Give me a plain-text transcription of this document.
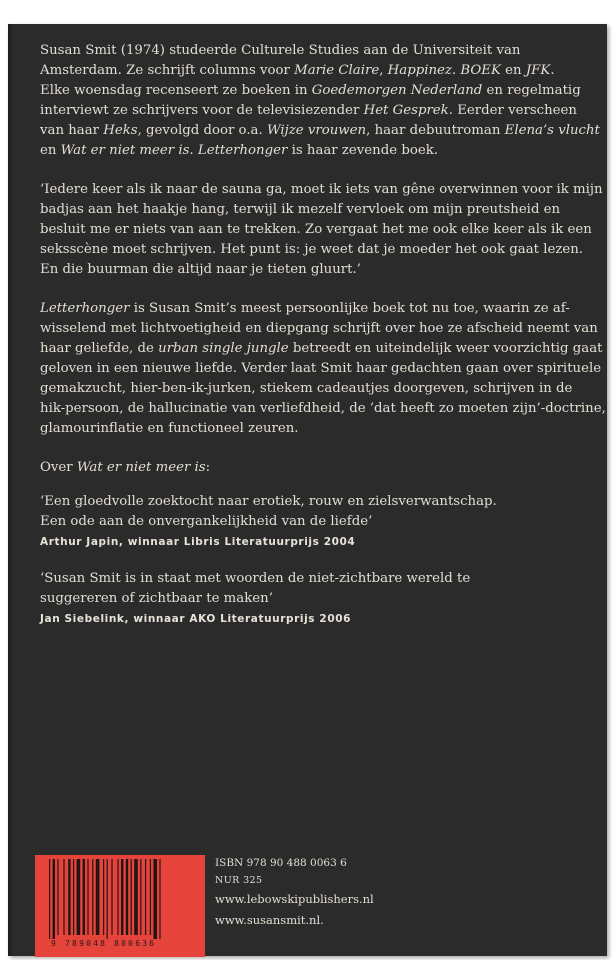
Susan Smit (1974) studeerde Culturele Studies aan de Universiteit van
Amsterdam. Ze schrijft columns voor Marie Claire, Happinez. BOEK en JFK.
Elke woensdag recenseert ze boeken in Goedemorgen Nederland en regelmatig
interviewt ze schrijvers voor de televisiezender Het Gesprek. Eerder verscheen
van haar Heks, gevolgd door o.a. Wijze vrouwen, haar debuutroman Elena’s vlucht
en Wat er niet meer is. Letterhonger is haar zevende boek.
‘Iedere keer als ik naar de sauna ga, moet ik iets van gêne overwinnen voor ik mijn
badjas aan het haakje hang, terwijl ik mezelf vervloek om mijn preutsheid en
besluit me er niets van aan te trekken. Zo vergaat het me ook elke keer als ik een
seksscène moet schrijven. Het punt is: je weet dat je moeder het ook gaat lezen.
En die buurman die altijd naar je tieten gluurt.’
Letterhonger is Susan Smit’s meest persoonlijke boek tot nu toe, waarin ze af-
wisselend met lichtvoetigheid en diepgang schrijft over hoe ze afscheid neemt van
haar geliefde, de urban single jungle betreedt en uiteindelijk weer voorzichtig gaat
geloven in een nieuwe liefde. Verder laat Smit haar gedachten gaan over spirituele
gemakzucht, hier-ben-ik-jurken, stiekem cadeautjes doorgeven, schrijven in de
hik-persoon, de hallucinatie van verliefdheid, de ‘dat heeft zo moeten zijn’-doctrine,
glamourinflatie en functioneel zeuren.
Over Wat er niet meer is:
‘Een gloedvolle zoektocht naar erotiek, rouw en zielsverwantschap.
Een ode aan de onvergankelijkheid van de liefde’
Arthur Japin, winnaar Libris Literatuurprijs 2004
‘Susan Smit is in staat met woorden de niet-zichtbare wereld te
suggereren of zichtbaar te maken’
Jan Siebelink, winnaar AKO Literatuurprijs 2006
9 789048 800636
ISBN 978 90 488 0063 6
NUR 325
www.lebowskipublishers.nl
www.susansmit.nl.
